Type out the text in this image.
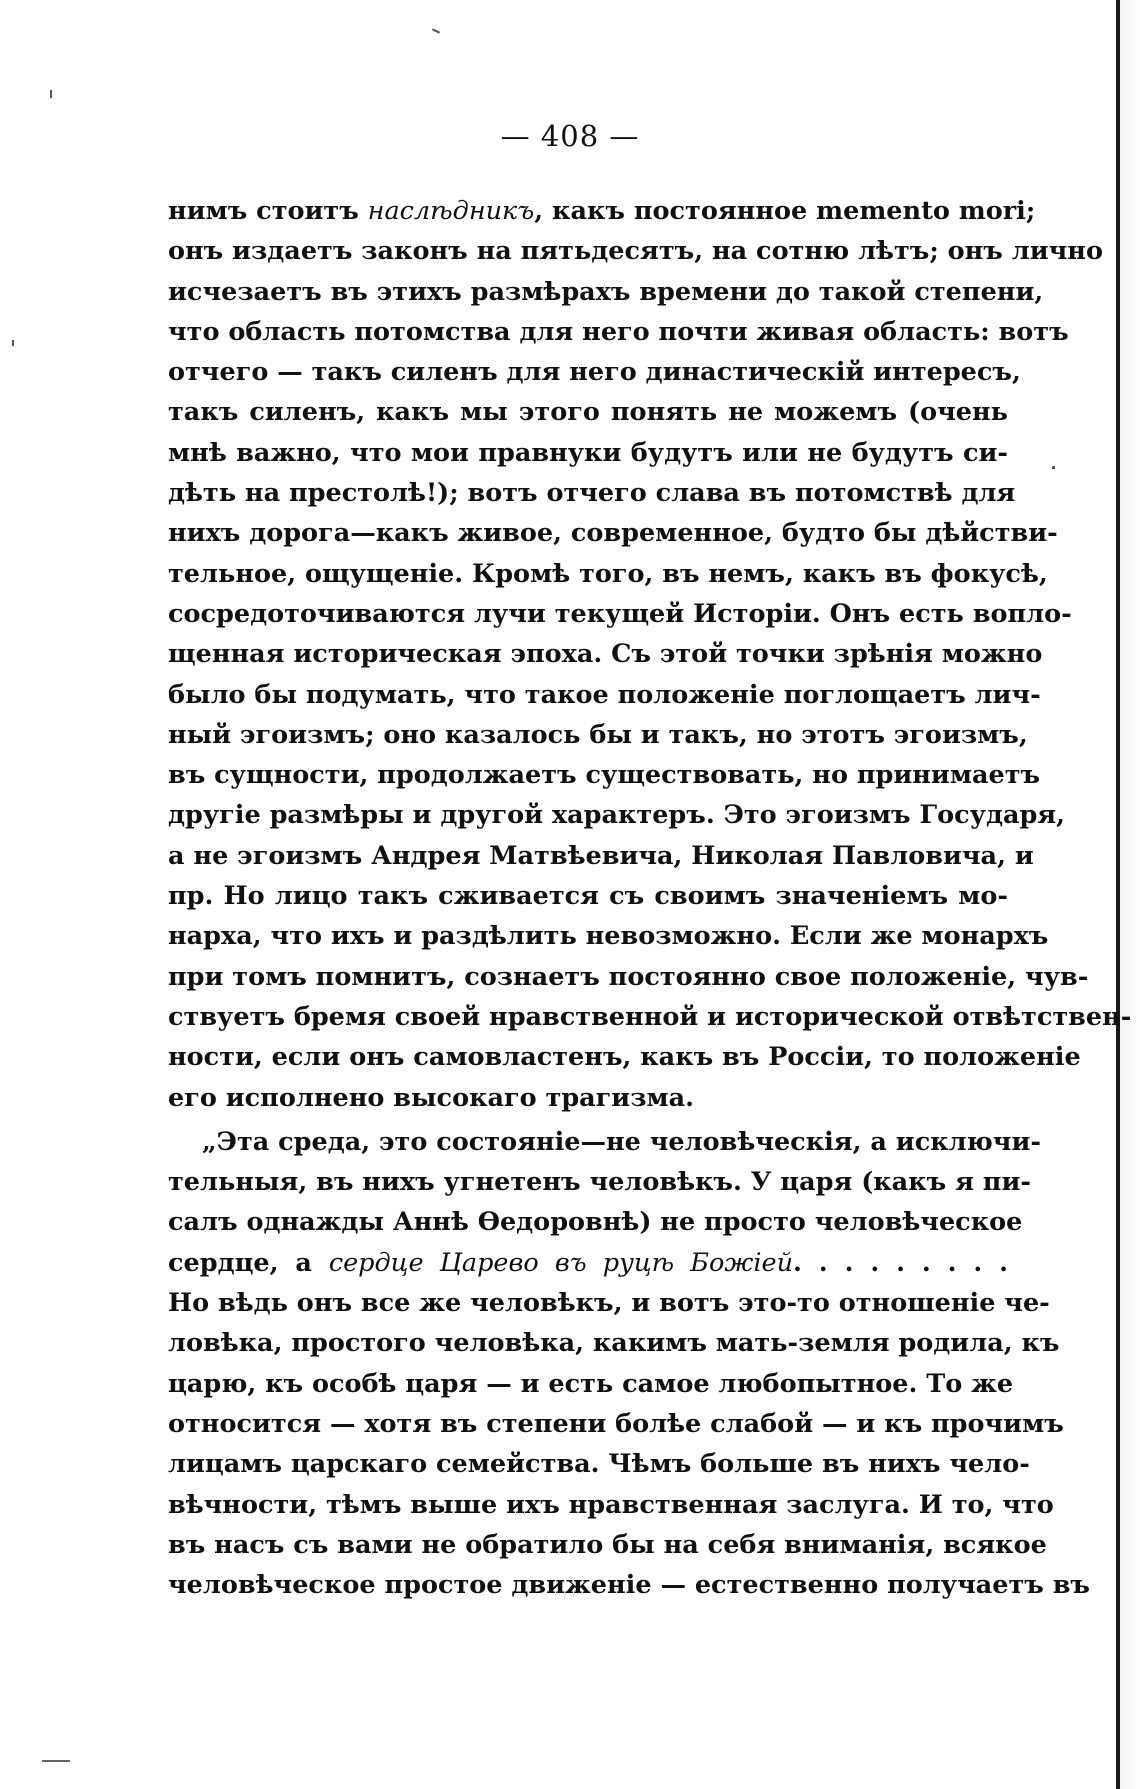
— 408 —
нимъ стоитъ наслѣдникъ, какъ постоянное memento mori;
онъ издаетъ законъ на пятьдесятъ, на сотню лѣтъ; онъ лично
исчезаетъ въ этихъ размѣрахъ времени до такой степени,
что область потомства для него почти живая область: вотъ
отчего — такъ силенъ для него династическій интересъ,
такъ силенъ, какъ мы этого понять не можемъ (очень
мнѣ важно, что мои правнуки будутъ или не будутъ си-
дѣть на престолѣ!); вотъ отчего слава въ потомствѣ для
нихъ дорога—какъ живое, современное, будто бы дѣйстви-
тельное, ощущеніе. Кромѣ того, въ немъ, какъ въ фокусѣ,
сосредоточиваются лучи текущей Исторіи. Онъ есть вопло-
щенная историческая эпоха. Съ этой точки зрѣнія можно
было бы подумать, что такое положеніе поглощаетъ лич-
ный эгоизмъ; оно казалось бы и такъ, но этотъ эгоизмъ,
въ сущности, продолжаетъ существовать, но принимаетъ
другіе размѣры и другой характеръ. Это эгоизмъ Государя,
а не эгоизмъ Андрея Матвѣевича, Николая Павловича, и
пр. Но лицо такъ сживается съ своимъ значеніемъ мо-
нарха, что ихъ и раздѣлить невозможно. Если же монархъ
при томъ помнитъ, сознаетъ постоянно свое положеніе, чув-
ствуетъ бремя своей нравственной и исторической отвѣтствен-
ности, если онъ самовластенъ, какъ въ Россіи, то положеніе
его исполнено высокаго трагизма.
„Эта среда, это состояніе—не человѣческія, а исключи-
тельныя, въ нихъ угнетенъ человѣкъ. У царя (какъ я пи-
салъ однажды Аннѣ Ѳедоровнѣ) не просто человѣческое
сердце, а сердце Царево въ руцѣ Божіей. . . . . . . . .
Но вѣдь онъ все же человѣкъ, и вотъ это-то отношеніе че-
ловѣка, простого человѣка, какимъ мать-земля родила, къ
царю, къ особѣ царя — и есть самое любопытное. То же
относится — хотя въ степени болѣе слабой — и къ прочимъ
лицамъ царскаго семейства. Чѣмъ больше въ нихъ чело-
вѣчности, тѣмъ выше ихъ нравственная заслуга. И то, что
въ насъ съ вами не обратило бы на себя вниманія, всякое
человѣческое простое движеніе — естественно получаетъ въ
